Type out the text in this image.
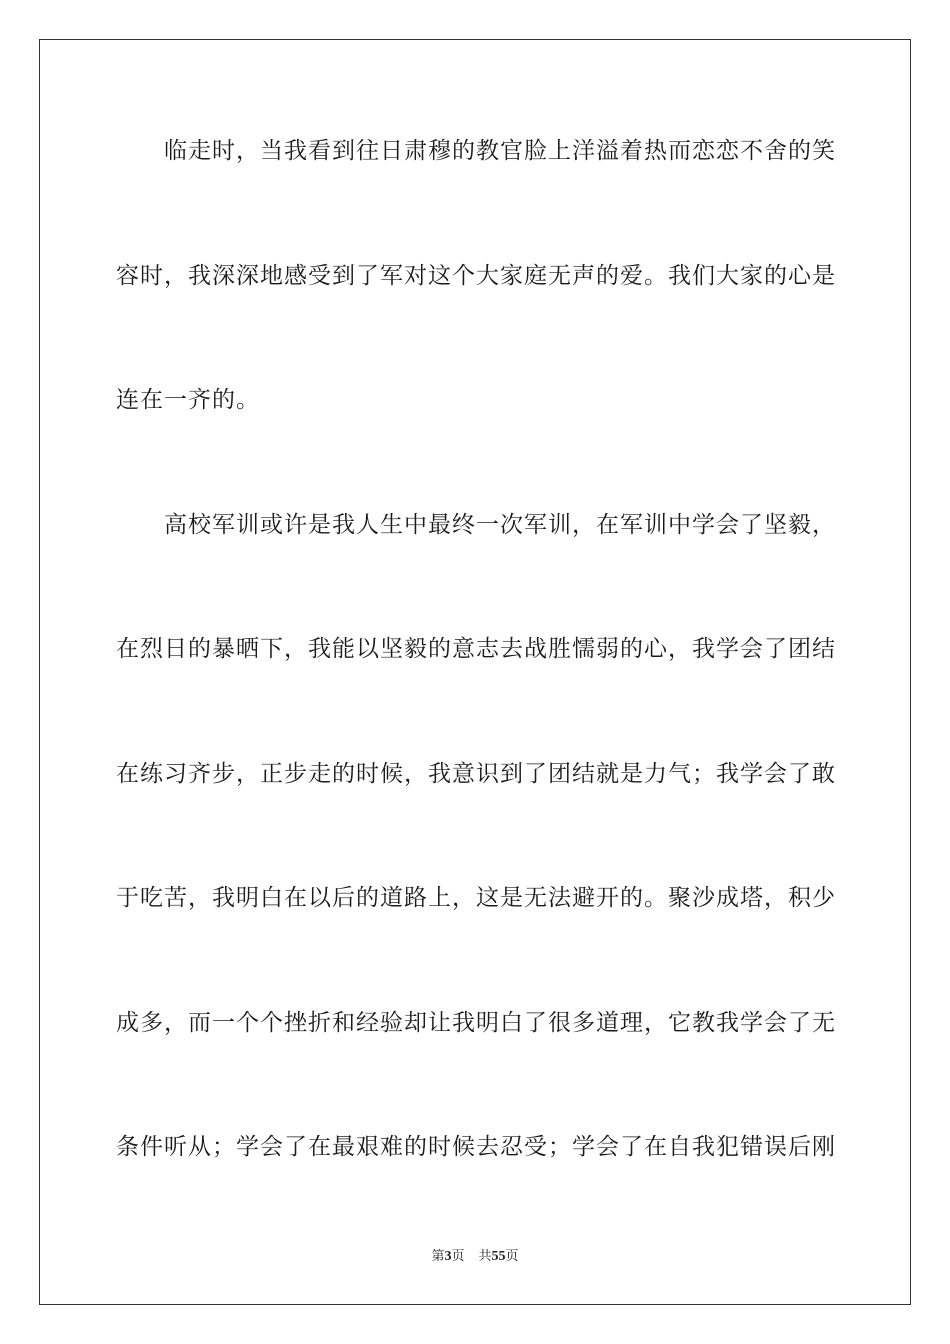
临走时，当我看到往日肃穆的教官脸上洋溢着热而恋恋不舍的笑
容时，我深深地感受到了军对这个大家庭无声的爱。我们大家的心是
连在一齐的。
高校军训或许是我人生中最终一次军训，在军训中学会了坚毅，
在烈日的暴晒下，我能以坚毅的意志去战胜懦弱的心，我学会了团结
在练习齐步，正步走的时候，我意识到了团结就是力气；我学会了敢
于吃苦，我明白在以后的道路上，这是无法避开的。聚沙成塔，积少
成多，而一个个挫折和经验却让我明白了很多道理，它教我学会了无
条件听从；学会了在最艰难的时候去忍受；学会了在自我犯错误后刚
第3页 共55页
